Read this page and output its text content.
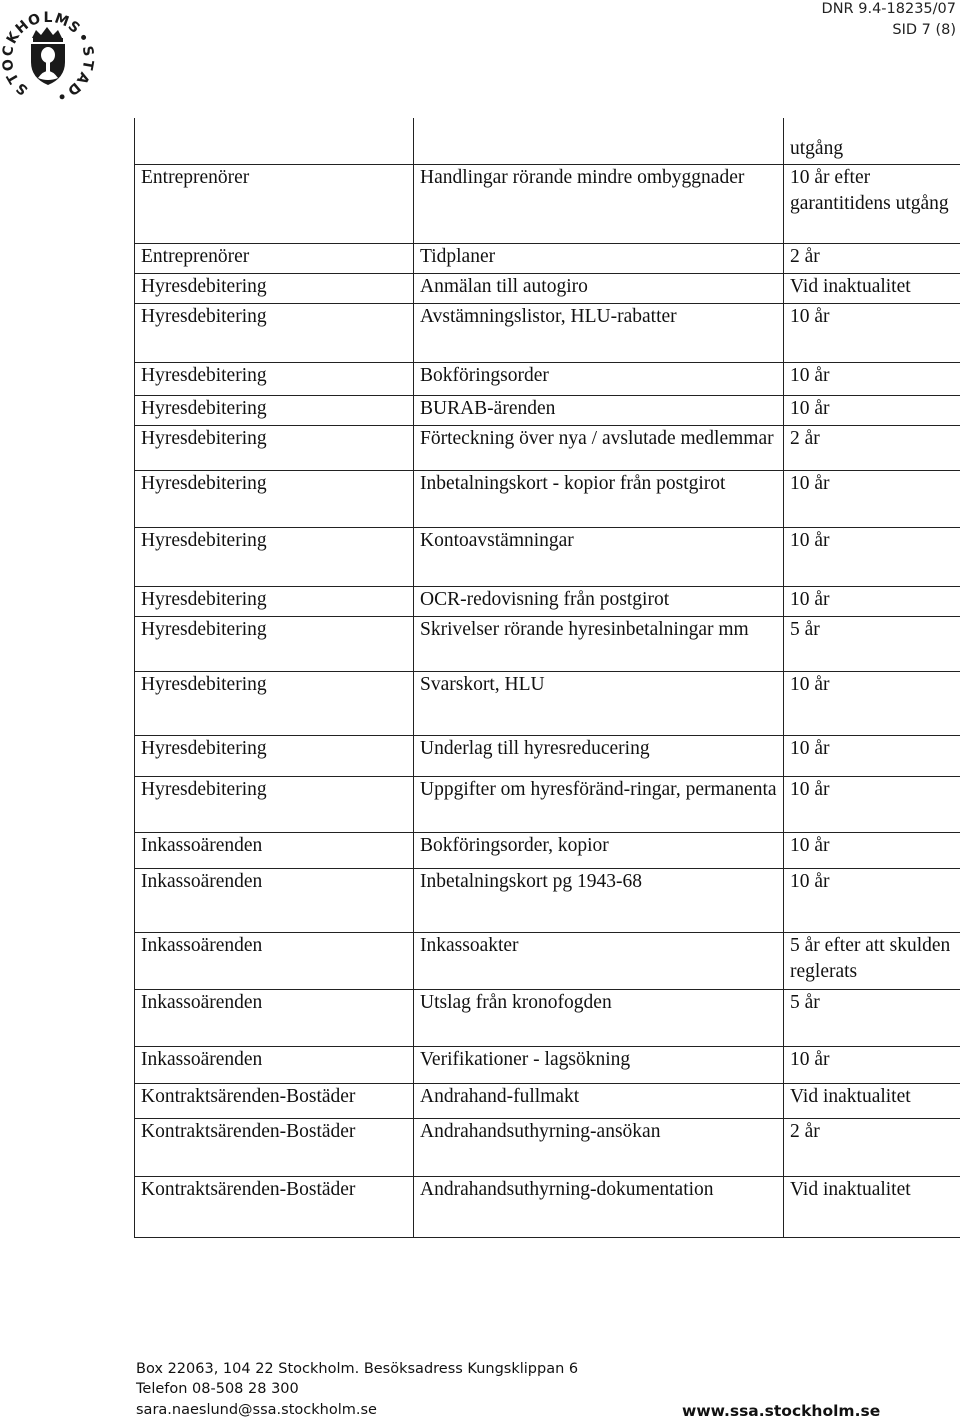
S
T
O
C
K
H
O L M
S
•
S
T
A
D
•
DNR 9.4-18235/07
SID 7 (8)
		utgång
Entreprenörer	Handlingar rörande mindre ombyggnader	10 år efter garantitidens utgång
Entreprenörer	Tidplaner	2 år
Hyresdebitering	Anmälan till autogiro	Vid inaktualitet
Hyresdebitering	Avstämningslistor, HLU-rabatter	10 år
Hyresdebitering	Bokföringsorder	10 år
Hyresdebitering	BURAB-ärenden	10 år
Hyresdebitering	Förteckning över nya / avslutade medlemmar	2 år
Hyresdebitering	Inbetalningskort - kopior från postgirot	10 år
Hyresdebitering	Kontoavstämningar	10 år
Hyresdebitering	OCR-redovisning från postgirot	10 år
Hyresdebitering	Skrivelser rörande hyresinbetalningar mm	5 år
Hyresdebitering	Svarskort, HLU	10 år
Hyresdebitering	Underlag till hyresreducering	10 år
Hyresdebitering	Uppgifter om hyresföränd-ringar, permanenta	10 år
Inkassoärenden	Bokföringsorder, kopior	10 år
Inkassoärenden	Inbetalningskort pg 1943-68	10 år
Inkassoärenden	Inkassoakter	5 år efter att skulden reglerats
Inkassoärenden	Utslag från kronofogden	5 år
Inkassoärenden	Verifikationer - lagsökning	10 år
Kontraktsärenden-Bostäder	Andrahand-fullmakt	Vid inaktualitet
Kontraktsärenden-Bostäder	Andrahandsuthyrning-ansökan	2 år
Kontraktsärenden-Bostäder	Andrahandsuthyrning-dokumentation	Vid inaktualitet
Box 22063, 104 22 Stockholm. Besöksadress Kungsklippan 6
Telefon 08-508 28 300
sara.naeslund@ssa.stockholm.se	www.ssa.stockholm.se
